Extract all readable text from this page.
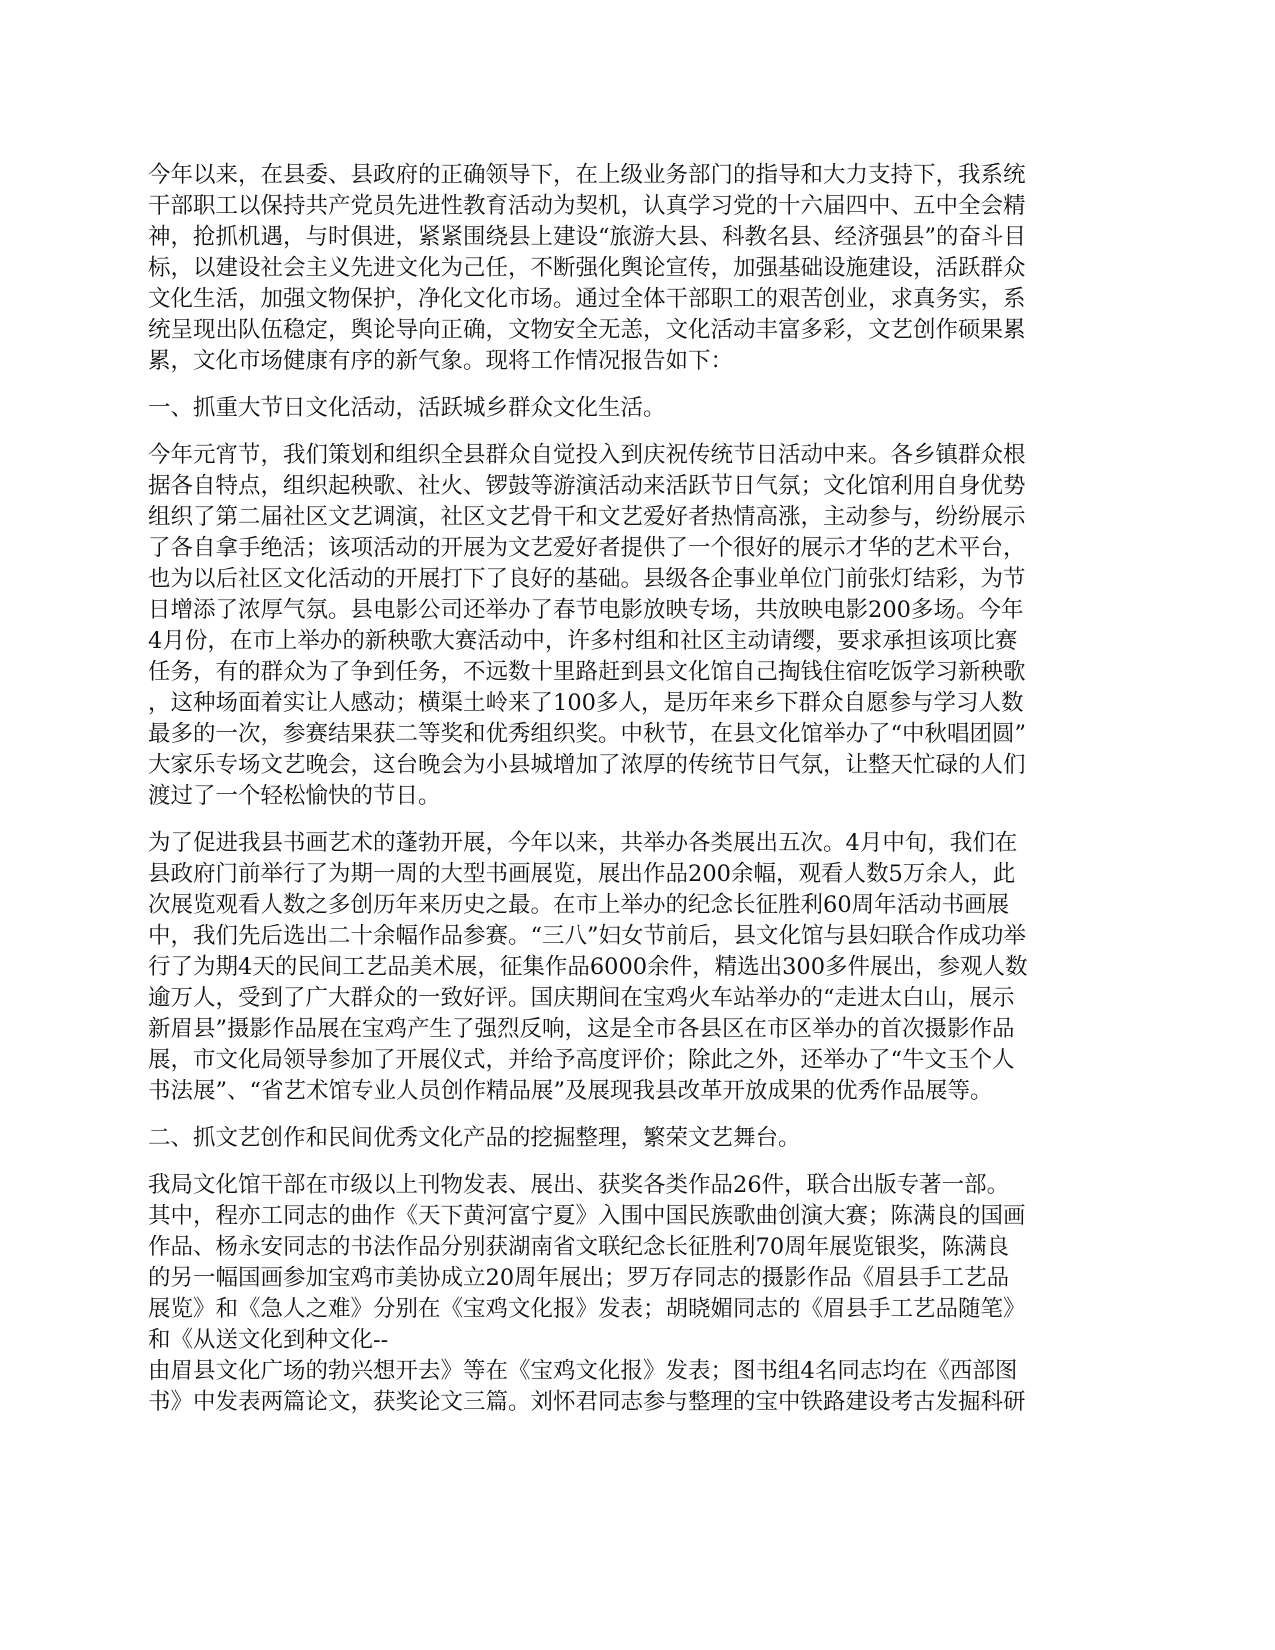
今年以来，在县委、县政府的正确领导下，在上级业务部门的指导和大力支持下，我系统
干部职工以保持共产党员先进性教育活动为契机，认真学习党的十六届四中、五中全会精
神，抢抓机遇，与时俱进，紧紧围绕县上建设“旅游大县、科教名县、经济强县”的奋斗目
标，以建设社会主义先进文化为己任，不断强化舆论宣传，加强基础设施建设，活跃群众
文化生活，加强文物保护，净化文化市场。通过全体干部职工的艰苦创业，求真务实，系
统呈现出队伍稳定，舆论导向正确，文物安全无恙，文化活动丰富多彩，文艺创作硕果累
累，文化市场健康有序的新气象。现将工作情况报告如下：

一、抓重大节日文化活动，活跃城乡群众文化生活。

今年元宵节，我们策划和组织全县群众自觉投入到庆祝传统节日活动中来。各乡镇群众根
据各自特点，组织起秧歌、社火、锣鼓等游演活动来活跃节日气氛；文化馆利用自身优势
组织了第二届社区文艺调演，社区文艺骨干和文艺爱好者热情高涨，主动参与，纷纷展示
了各自拿手绝活；该项活动的开展为文艺爱好者提供了一个很好的展示才华的艺术平台，
也为以后社区文化活动的开展打下了良好的基础。县级各企事业单位门前张灯结彩，为节
日增添了浓厚气氛。县电影公司还举办了春节电影放映专场，共放映电影200多场。今年
4月份，在市上举办的新秧歌大赛活动中，许多村组和社区主动请缨，要求承担该项比赛
任务，有的群众为了争到任务，不远数十里路赶到县文化馆自己掏钱住宿吃饭学习新秧歌
，这种场面着实让人感动；横渠土岭来了100多人，是历年来乡下群众自愿参与学习人数
最多的一次，参赛结果获二等奖和优秀组织奖。中秋节，在县文化馆举办了“中秋唱团圆”
大家乐专场文艺晚会，这台晚会为小县城增加了浓厚的传统节日气氛，让整天忙碌的人们
渡过了一个轻松愉快的节日。

为了促进我县书画艺术的蓬勃开展，今年以来，共举办各类展出五次。4月中旬，我们在
县政府门前举行了为期一周的大型书画展览，展出作品200余幅，观看人数5万余人，此
次展览观看人数之多创历年来历史之最。在市上举办的纪念长征胜利60周年活动书画展
中，我们先后选出二十余幅作品参赛。“三八”妇女节前后，县文化馆与县妇联合作成功举
行了为期4天的民间工艺品美术展，征集作品6000余件，精选出300多件展出，参观人数
逾万人，受到了广大群众的一致好评。国庆期间在宝鸡火车站举办的“走进太白山，展示
新眉县”摄影作品展在宝鸡产生了强烈反响，这是全市各县区在市区举办的首次摄影作品
展，市文化局领导参加了开展仪式，并给予高度评价；除此之外，还举办了“牛文玉个人
书法展”、“省艺术馆专业人员创作精品展”及展现我县改革开放成果的优秀作品展等。

二、抓文艺创作和民间优秀文化产品的挖掘整理，繁荣文艺舞台。

我局文化馆干部在市级以上刊物发表、展出、获奖各类作品26件，联合出版专著一部。
其中，程亦工同志的曲作《天下黄河富宁夏》入围中国民族歌曲创演大赛；陈满良的国画
作品、杨永安同志的书法作品分别获湖南省文联纪念长征胜利70周年展览银奖，陈满良
的另一幅国画参加宝鸡市美协成立20周年展出；罗万存同志的摄影作品《眉县手工艺品
展览》和《急人之难》分别在《宝鸡文化报》发表；胡晓媚同志的《眉县手工艺品随笔》
和《从送文化到种文化--
由眉县文化广场的勃兴想开去》等在《宝鸡文化报》发表；图书组4名同志均在《西部图
书》中发表两篇论文，获奖论文三篇。刘怀君同志参与整理的宝中铁路建设考古发掘科研
